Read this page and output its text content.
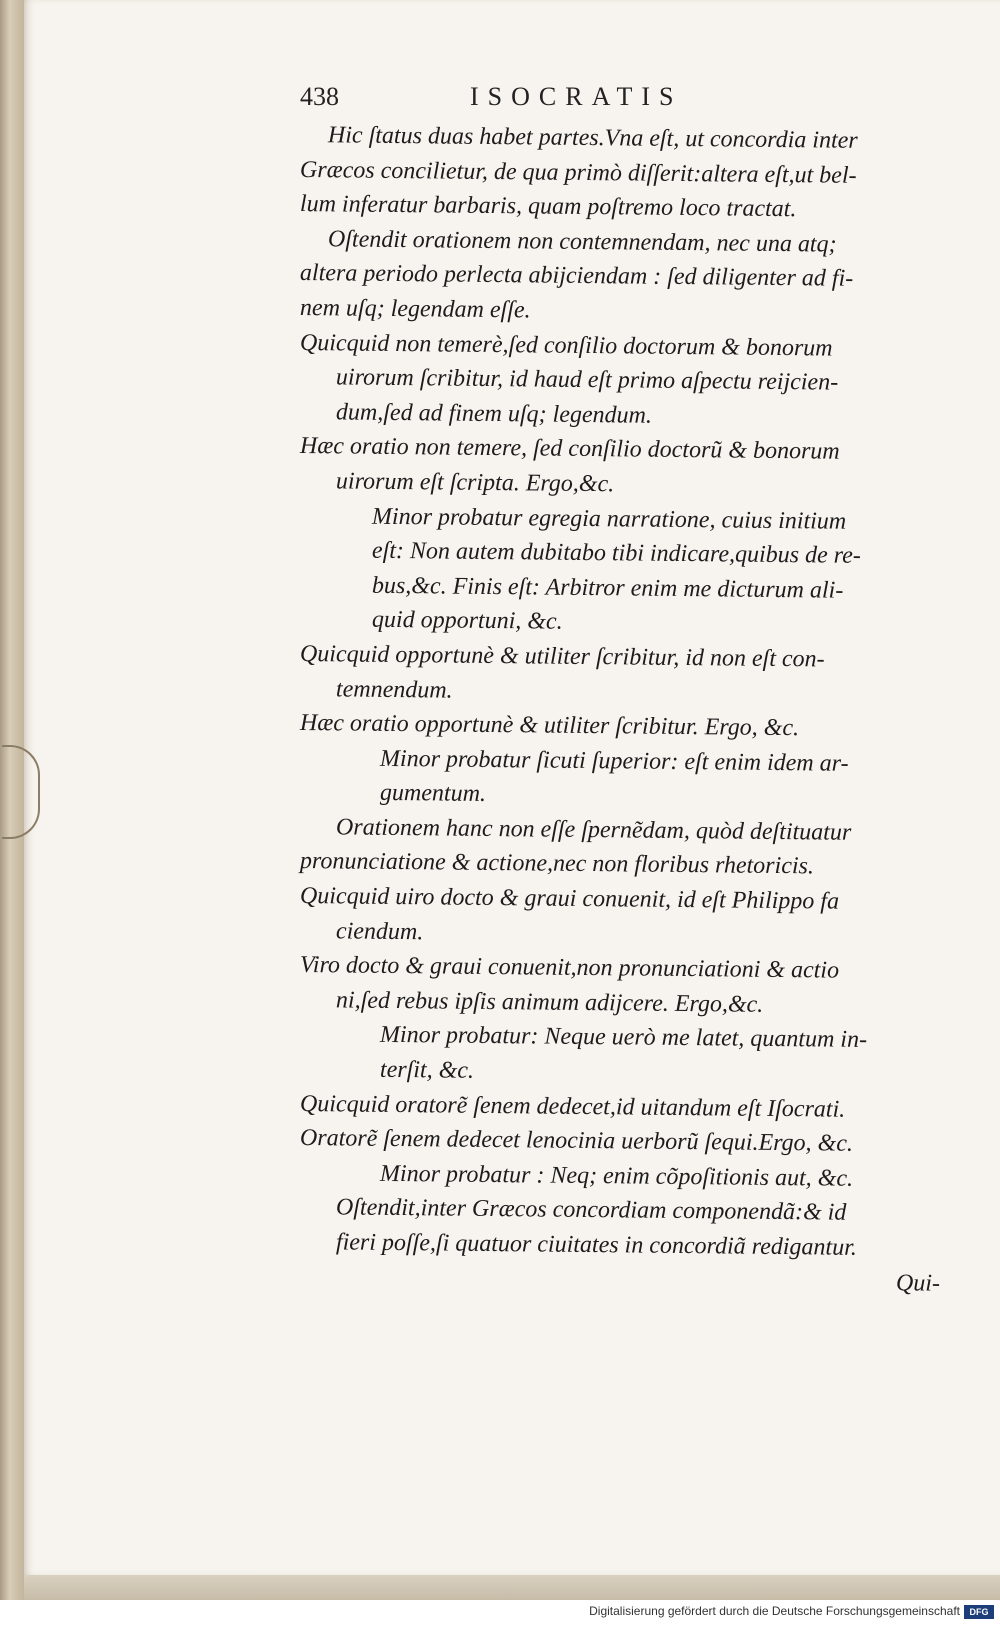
438	ISOCRATIS
Hic ſtatus duas habet partes.Vna eſt, ut concordia inter
Græcos concilietur, de qua primò diſſerit:altera eſt,ut bel-
lum inferatur barbaris, quam poſtremo loco tractat.
Oſtendit orationem non contemnendam, nec una atq;
altera periodo perlecta abijciendam : ſed diligenter ad fi-
nem uſq; legendam eſſe.
Quicquid non temerè,ſed conſilio doctorum & bonorum
uirorum ſcribitur, id haud eſt primo aſpectu reijcien-
dum,ſed ad finem uſq; legendum.
Hæc oratio non temere, ſed conſilio doctorũ & bonorum
uirorum eſt ſcripta. Ergo,&c.
Minor probatur egregia narratione, cuius initium
eſt: Non autem dubitabo tibi indicare,quibus de re-
bus,&c. Finis eſt: Arbitror enim me dicturum ali-
quid opportuni, &c.
Quicquid opportunè & utiliter ſcribitur, id non eſt con-
temnendum.
Hæc oratio opportunè & utiliter ſcribitur. Ergo, &c.
Minor probatur ſicuti ſuperior: eſt enim idem ar-
gumentum.
Orationem hanc non eſſe ſpernẽdam, quòd deſtituatur
pronunciatione & actione,nec non floribus rhetoricis.
Quicquid uiro docto & graui conuenit, id eſt Philippo fa
ciendum.
Viro docto & graui conuenit,non pronunciationi & actio
ni,ſed rebus ipſis animum adijcere. Ergo,&c.
Minor probatur: Neque uerò me latet, quantum in-
terſit, &c.
Quicquid oratorẽ ſenem dedecet,id uitandum eſt Iſocrati.
Oratorẽ ſenem dedecet lenocinia uerborũ ſequi.Ergo, &c.
Minor probatur : Neq; enim cõpoſitionis aut, &c.
Oſtendit,inter Græcos concordiam componendã:& id
fieri poſſe,ſi quatuor ciuitates in concordiã redigantur.
Qui-
Digitalisierung gefördert durch die Deutsche Forschungsgemeinschaft	DFG
